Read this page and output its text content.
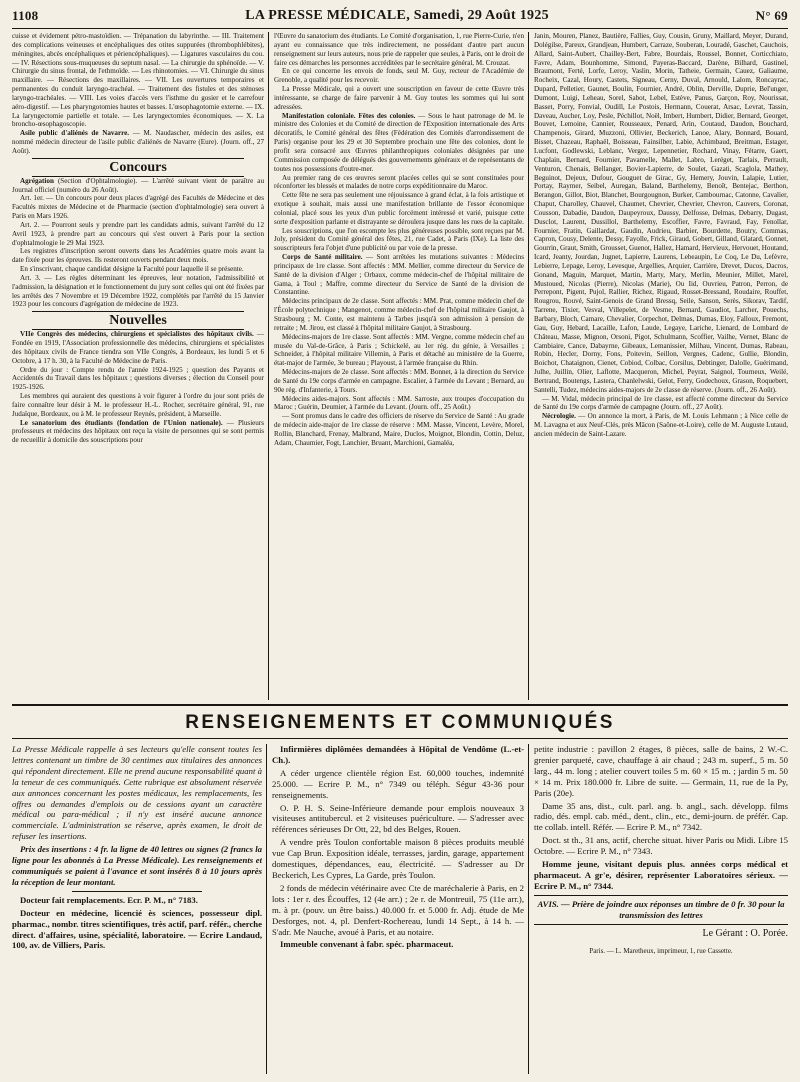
1108	LA PRESSE MÉDICALE, Samedi, 29 Août 1925	N° 69

cuisse et évidement pétro-mastoïdien. — Trépanation du labyrinthe. — III. Traitement des complications veineuses et encéphaliques des otites suppurées (thrombophlébites), méningites, abcès encéphaliques et périencéphaliques). — Ligatures vasculaires du cou. — IV. Résections sous-muqueuses du septum nasal. — La chirurgie du sphénoïde. — V. Chirurgie du sinus frontal, de l'ethmoïde. — Les rhinotomies. — VI. Chirurgie du sinus maxillaire. — Résections des maxillaires. — VII. Les ouvertures temporaires et permanentes du conduit laryngo-trachéal. — Traitement des fistules et des sténoses laryngo-trachéales. — VIII. Les voies d'accès vers l'isthme du gosier et le carrefour aéro-digestif. — Les pharyngotomies hautes et basses. L'œsophagotomie externe. — IX. La laryngectomie partielle et totale. — Les laryngectomies économiques. — X. La broncho-œsophagoscopie.

Asile public d'aliénés de Navarre. — M. Naudascher, médecin des asiles, est nommé médecin directeur de l'asile public d'aliénés de Navarre (Eure). (Journ. off., 27 Août).

Concours

Agrégation (Section d'Ophtalmologie). — L'arrêté suivant vient de paraître au Journal officiel (numéro du 26 Août).

Art. 1er. — Un concours pour deux places d'agrégé des Facultés de Médecine et des Facultés mixtes de Médecine et de Pharmacie (section d'ophtalmologie) sera ouvert à Paris en Mars 1926.

Art. 2. — Pourront seuls y prendre part les candidats admis, suivant l'arrêté du 12 Avril 1923, à prendre part au concours qui s'est ouvert à Paris pour la section d'ophtalmologie le 29 Mai 1923.

Les registres d'inscription seront ouverts dans les Académies quatre mois avant la date fixée pour les épreuves. Ils resteront ouverts pendant deux mois.

En s'inscrivant, chaque candidat désigne la Faculté pour laquelle il se présente.

Art. 3. — Les règles déterminant les épreuves, leur notation, l'admissibilité et l'admission, la désignation et le fonctionnement du jury sont celles qui ont été fixées par les arrêtés des 7 Novembre et 19 Décembre 1922, complétés par l'arrêté du 15 Janvier 1923 pour les concours d'agrégation de médecine de 1923.

Nouvelles

VIIe Congrès des médecins, chirurgiens et spécialistes des hôpitaux civils. — Fondée en 1919, l'Association professionnelle des médecins, chirurgiens et spécialistes des hôpitaux civils de France tiendra son VIIe Congrès, à Bordeaux, les lundi 5 et 6 Octobre, à 17 h. 30, à la Faculté de Médecine de Paris.

Ordre du jour : Compte rendu de l'année 1924-1925 ; question des Payants et Accidentés du Travail dans les hôpitaux ; questions diverses ; élection du Conseil pour 1925-1926.

Les membres qui auraient des questions à voir figurer à l'ordre du jour sont priés de faire connaître leur désir à M. le professeur H.-L. Rocher, secrétaire général, 91, rue Judaïque, Bordeaux, ou à M. le professeur Reynès, président, à Marseille.

Le sanatorium des étudiants (fondation de l'Union nationale). — Plusieurs professeurs et médecins des hôpitaux ont reçu la visite de personnes qui se sont permis de recueillir à domicile des souscriptions pour

l'Œuvre du sanatorium des étudiants. Le Comité d'organisation, 1, rue Pierre-Curie, n'en ayant eu connaissance que très indirectement, ne possédant d'autre part aucun renseignement sur leurs auteurs, nous prie de rappeler que seules, à Paris, ont le droit de faire ces démarches les personnes accréditées par le secrétaire général, M. Crouzat.

En ce qui concerne les envois de fonds, seul M. Guy, recteur de l'Académie de Grenoble, a qualité pour les recevoir.

La Presse Médicale, qui a ouvert une souscription en faveur de cette Œuvre très intéressante, se charge de faire parvenir à M. Guy toutes les sommes qui lui sont adressées.

Manifestation coloniale. Fêtes des colonies. — Sous le haut patronage de M. le ministre des Colonies et du Comité de direction de l'Exposition internationale des Arts décoratifs, le Comité général des fêtes (Fédération des Comités d'arrondissement de Paris) organise pour les 29 et 30 Septembre prochain une fête des colonies, dont le profit sera consacré aux Œuvres philanthropiques coloniales désignées par une Commission composée de délégués des gouvernements généraux et de représentants de toutes nos possessions d'outre-mer.

Au premier rang de ces œuvres seront placées celles qui se sont constituées pour réconforter les blessés et malades de notre corps expéditionnaire du Maroc.

Cette fête ne sera pas seulement une réjouissance à grand éclat, à la fois artistique et exotique à souhait, mais aussi une manifestation brillante de l'essor économique colonial, placé sous les yeux d'un public forcément intéressé et varié, puisque cette sorte d'exposition parlante et distrayante se déroulera jusque dans les rues de la capitale.

Les souscriptions, que l'on escompte les plus généreuses possible, sont reçues par M. Joly, président du Comité général des fêtes, 21, rue Cadet, à Paris (IXe). La liste des souscripteurs fera l'objet d'une publicité ou par voie de la presse.

Corps de Santé militaire. — Sont arrêtées les mutations suivantes : Médecins principaux de 1re classe. Sont affectés : MM. Mellier, comme directeur du Service de Santé de la division d'Alger ; Orbaux, comme médecin-chef de l'hôpital militaire de Gama, à Toul ; Maffre, comme directeur du Service de Santé de la division de Constantine.

Médecins principaux de 2e classe. Sont affectés : MM. Prat, comme médecin chef de l'École polytechnique ; Mangenot, comme médecin-chef de l'hôpital militaire Gaujot, à Strasbourg ; M. Conte, est maintenu à Tarbes jusqu'à son admission à pension de retraite ; M. Jirou, est classé à l'hôpital militaire Gaujot, à Strasbourg.

Médecins-majors de 1re classe. Sont affectés : MM. Vergne, comme médecin chef au musée du Val-de-Grâce, à Paris ; Schickelé, au 1er rég. du génie, à Versailles ; Schneider, à l'hôpital militaire Villemin, à Paris et détaché au ministère de la Guerre, état-major de l'armée, 3e bureau ; Playoust, à l'armée française du Rhin.

Médecins-majors de 2e classe. Sont affectés : MM. Bonnet, à la direction du Service de Santé du 19e corps d'armée en campagne. Escalier, à l'armée du Levant ; Bernard, au 90e rég. d'Infanterie, à Tours.

Médecins aides-majors. Sont affectés : MM. Sarroste, aux troupes d'occupation du Maroc ; Guérin, Deumier, à l'armée du Levant. (Journ. off., 25 Août.)

— Sont promus dans le cadre des officiers de réserve du Service de Santé : Au grade de médecin aide-major de 1re classe de réserve : MM. Masse, Vincent, Levère, Morel, Rollin, Blanchard, Frenay, Malbrand, Maire, Duclos, Moignot, Blondin, Cottin, Deluz, Adam, Chaumier, Fogt, Lanchier, Bruant, Marchioni, Gamaléa,

Janin, Mouren, Planez, Bautière, Fallies, Guy, Cousin, Gruny, Maillard, Meyer, Durand, Dolégilse, Pareux, Grandjean, Humbert, Carraze, Souberan, Louradé, Gaschet, Cauchois, Allard, Saint-Aubert, Chailley-Bert, Fabre, Bourdais, Roussel, Bonnet, Corticchiato, Favre, Adam, Bounhomme, Simond, Payeras-Baccard, Darène, Bilhard, Gastinel, Braumont, Ferté, Lorfe, Leroy, Vaslin, Morin, Tatheie, Germain, Cauez, Galiaume, Rocheix, Cazal, Houry, Castets, Signeau, Cerny, Duval, Arnould, Lalom, Roncayrac, Dupard, Pelletier, Gaunet, Boulin, Fournier, André, Oblin, Derville, Duprie, Bel'unger, Dumont, Luigi, Leheau, Sorel, Sabot, Lebel, Estève, Panus, Garçon, Roy, Nourissat, Basset, Porry, Fonvial, Oudill, Le Postois, Hermann, Couerat, Arsac, Levrat, Tassin, Daveau, Aucher, Loy, Pesle, Péchillot, Noël, Imbert, Humbert, Didier, Bernard, Georget, Bouvet, Lemoine, Cannier, Rousseaux, Penard, Arin, Coutaud, Daudon, Bouchard, Champenois, Girard, Muzzoni, Ollivier, Beckerich, Lanoe, Alary, Bonnard, Bouard, Bisset, Chazeau, Raphaël, Boisseau, Fainsilber, Labie, Achimbaud, Breitman, Estager, Lucfont, Godlewski, Leblanc, Vergez, Lepennetier, Rochard, Vinay, Fétarre, Gaert, Chaplain, Bernard, Fournier, Pavamelle, Mallet, Labro, Leréget, Tarlais, Perrault, Venturon, Chenais, Bellanger, Bovier-Lapierre, de Soulet, Gazati, Scaglola, Mathey, Beguinot, Dejeux, Dufour, Gouguet de Girac, Gy, Hemery, Jouvin, Lalapie, Lutier, Portay, Raymer, Seibel, Auregan, Baland, Barthelemy, Benoît, Bentejac, Berthon, Berangon, Gillot, Biot, Blanchet, Bourgougnon, Burker, Cambournac, Catonne, Cavalier, Chaput, Charolley, Chauvel, Chaumet, Chevrier, Chevrier, Chevron, Cauvers, Coronat, Cousson, Dabadie, Daudon, Daupeyroux, Daussy, Delfosse, Delmas, Debarry, Dugast, Dusclot, Laurent, Dussillol, Barthelemy, Escoffier, Favre, Favraud, Fay, Fenollar, Fournier, Fratin, Gaillardat, Gaudin, Audrieu, Barbier, Bourdette, Boutry, Commas, Capron, Cousy, Delente, Dessy, Fayolle, Frick, Giraud, Gobert, Gilland, Glatard, Gonnet, Gourrin, Graut, Smith, Grousset, Guenot, Hallez, Hamard, Hervieux, Hervouet, Houtand, Icard, Jeanty, Jourdan, Jugnet, Lapierre, Laurens, Lebeaupin, Le Coq, Le Du, Lefèvre, Lebierre, Lepage, Leroy, Levesque, Argellies, Arquier, Carrière, Drevet, Ducos, Dacros, Gonand, Maguin, Marquet, Martin, Marty, Mary, Merlin, Meunier, Millet, Marel, Mustoued, Nicolas (Pierre), Nicolas (Marie), Ou Iid, Ouvrieu, Patron, Perron, de Perrepont, Pigent, Pujol, Rallier, Richez, Rigaud, Rosset-Bressand, Roudaire, Rouffet, Rougrou, Rouvé, Saint-Genois de Grand Bressq, Seile, Sanson, Serès, Sikorav, Tardif, Tarrene, Tixier, Vesval, Villepelet, de Vesme, Bernard, Gaudiot, Larcher, Pouechs, Barbary, Bloch, Camare, Chevalier, Corpechot, Delmas, Dumas, Eloy, Falloux, Fremont, Gau, Guy, Hebard, Lacaille, Lafon, Laude, Legaye, Lariche, Lienard, de Lombard de Château, Masse, Mignon, Orsoni, Pigot, Schulmann, Scoffier, Vailhe, Vernet, Blanc de Cambiaire, Cance, Dabayrne, Gibeaux, Lemanissier, Milhau, Vincent, Dumas, Rabeau, Robin, Hecler, Dorny, Fons, Poitevin, Seillon, Vergnes, Cadenc, Gullie, Blondin, Boichot, Chataignon, Cienet, Cobiod, Colbac, Corsilus, Debtinger, Dalolle, Guérimand, Julhe, Juillin, Olier, Laflotte, Macqueron, Michel, Peyrat, Saignol, Tourneux, Weilé, Bertrand, Boutengs, Lastera, Chanlelwski, Gelot, Ferry, Godechoux, Grason, Roquebert, Santelli, Tudez, médecins aides-majors de 2e classe de réserve. (Journ. off., 26 Août).

— M. Vidal, médecin principal de 1re classe, est affecté comme directeur du Service de Santé du 19e corps d'armée de campagne (Journ. off., 27 Août).

Nécrologie. — On annonce la mort, à Paris, de M. Louis Lehmann ; à Nice celle de M. Lavagna et aux Neuf-Clés, près Mâcon (Saône-et-Loire), celle de M. Auguste Lutaud, ancien médecin de Saint-Lazare.

RENSEIGNEMENTS ET COMMUNIQUÉS

La Presse Médicale rappelle à ses lecteurs qu'elle consent toutes les lettres contenant un timbre de 30 centimes aux titulaires des annonces qui répondent directement. Elle ne prend aucune responsabilité quant à la teneur de ces communiqués. Cette rubrique est absolument réservée aux annonces concernant les postes médicaux, les remplacements, les offres ou demandes d'emplois ou de cessions ayant un caractère médical ou para-médical ; il n'y est inséré aucune annonce commerciale. L'administration se réserve, après examen, le droit de refuser les insertions.

Prix des insertions : 4 fr. la ligne de 40 lettres ou signes (2 francs la ligne pour les abonnés à La Presse Médicale). Les renseignements et communiqués se paient à l'avance et sont insérés 8 à 10 jours après la réception de leur montant.

Docteur fait remplacements. Ecr. P. M., n° 7183.

Docteur en médecine, licencié ès sciences, possesseur dipl. pharmac., nombr. titres scientifiques, très actif, parf. référ., cherche direct. d'affaires, usine, spécialité, laboratoire. — Ecrire Landaud, 100, av. de Villiers, Paris.

Infirmières diplômées demandées à Hôpital de Vendôme (L.-et-Ch.).

A céder urgence clientèle région Est. 60,000 touches, indemnité 25.000. — Ecrire P. M., n° 7349 ou téléph. Ségur 43-36 pour renseignements.

O. P. H. S. Seine-Inférieure demande pour emplois nouveaux 3 visiteuses antitubercul. et 2 visiteuses puériculture. — S'adresser avec références sérieuses Dr Ott, 22, bd des Belges, Rouen.

A vendre près Toulon confortable maison 8 pièces produits meublé vue Cap Brun. Exposition idéale, terrasses, jardin, garage, appartement domestiques, dépendances, eau, électricité. — S'adresser au Dr Beckerich, Les Cypres, La Garde, près Toulon.

2 fonds de médecin vétérinaire avec Cte de maréchalerie à Paris, en 2 lots : 1er r. des Écouffes, 12 (4e arr.) ; 2e r. de Montreuil, 75 (11e arr.), m. à pr. (pouv. un être baiss.) 40.000 fr. et 5.000 fr. Adj. étude de Me Desforges, not. 4, pl. Denfert-Rochereau, lundi 14 Sept., à 14 h. — S'adr. Me Nauche, avoué à Paris, et au notaire.

Immeuble convenant à fabr. spéc. pharmaceut.

petite industrie : pavillon 2 étages, 8 pièces, salle de bains, 2 W.-C. grenier parqueté, cave, chauffage à air chaud ; 243 m. superf., 5 m. 50 larg., 44 m. long ; atelier couvert toiles 5 m. 60 × 15 m. ; jardin 5 m. 50 × 14 m. Prix 180.000 fr. Libre de suite. — Germain, 11, rue de la Py, Paris (20e).

Dame 35 ans, dist., cult. parl. ang. b. angl., sach. développ. films radio, dés. empl. cab. méd., dent., clin., etc., demi-journ. de préfér. Cap. tte collab. intell. Référ. — Ecrire P. M., n° 7342.

Doct. st th., 31 ans, actif, cherche situat. hiver Paris ou Midi. Libre 15 Octobre. — Ecrire P. M., n° 7343.

Homme jeune, visitant depuis plus. années corps médical et pharmaceut. A gr'e, désirer, représenter Laboratoires sérieux. — Ecrire P. M., n° 7344.

AVIS. — Prière de joindre aux réponses un timbre de 0 fr. 30 pour la transmission des lettres

Le Gérant : O. Porée.
Paris. — L. Maretheux, imprimeur, 1, rue Cassette.
